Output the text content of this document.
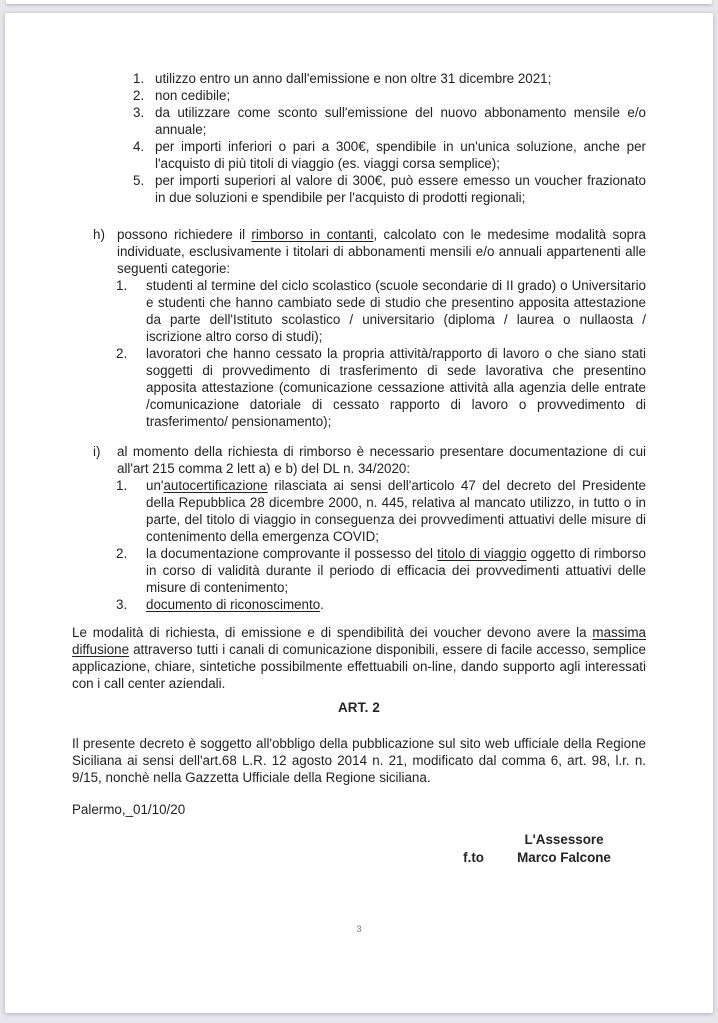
1. utilizzo entro un anno dall'emissione e non oltre 31 dicembre 2021;
2. non cedibile;
3. da utilizzare come sconto sull'emissione del nuovo abbonamento mensile e/o annuale;
4. per importi inferiori o pari a 300€, spendibile in un'unica soluzione, anche per l'acquisto di più titoli di viaggio (es. viaggi corsa semplice);
5. per importi superiori al valore di 300€, può essere emesso un voucher frazionato in due soluzioni e spendibile per l'acquisto di prodotti regionali;
h) possono richiedere il rimborso in contanti, calcolato con le medesime modalità sopra individuate, esclusivamente i titolari di abbonamenti mensili e/o annuali appartenenti alle seguenti categorie:
1.	studenti al termine del ciclo scolastico (scuole secondarie di II grado) o Universitario e studenti che hanno cambiato sede di studio che presentino apposita attestazione da parte dell'Istituto scolastico / universitario (diploma / laurea o nullaosta / iscrizione altro corso di studi);
2.	lavoratori che hanno cessato la propria attività/rapporto di lavoro o che siano stati soggetti di provvedimento di trasferimento di sede lavorativa che presentino apposita attestazione (comunicazione cessazione attività alla agenzia delle entrate /comunicazione datoriale di cessato rapporto di lavoro o provvedimento di trasferimento/ pensionamento);
i)	al momento della richiesta di rimborso è necessario presentare documentazione di cui all'art 215 comma 2 lett a) e b) del DL n. 34/2020:
1.	un'autocertificazione rilasciata ai sensi dell'articolo 47 del decreto del Presidente della Repubblica 28 dicembre 2000, n. 445, relativa al mancato utilizzo, in tutto o in parte, del titolo di viaggio in conseguenza dei provvedimenti attuativi delle misure di contenimento della emergenza COVID;
2.	la documentazione comprovante il possesso del titolo di viaggio oggetto di rimborso in corso di validità durante il periodo di efficacia dei provvedimenti attuativi delle misure di contenimento;
3.	documento di riconoscimento.

Le modalità di richiesta, di emissione e di spendibilità dei voucher devono avere la massima diffusione attraverso tutti i canali di comunicazione disponibili, essere di facile accesso, semplice applicazione, chiare, sintetiche possibilmente effettuabili on-line, dando supporto agli interessati con i call center aziendali.

ART. 2

Il presente decreto è soggetto all'obbligo della pubblicazione sul sito web ufficiale della Regione Siciliana ai sensi dell'art.68 L.R. 12 agosto 2014 n. 21, modificato dal comma 6, art. 98, l.r. n. 9/15, nonchè nella Gazzetta Ufficiale della Regione siciliana.

Palermo,_01/10/20

f.to
L'Assessore
Marco Falcone
3
